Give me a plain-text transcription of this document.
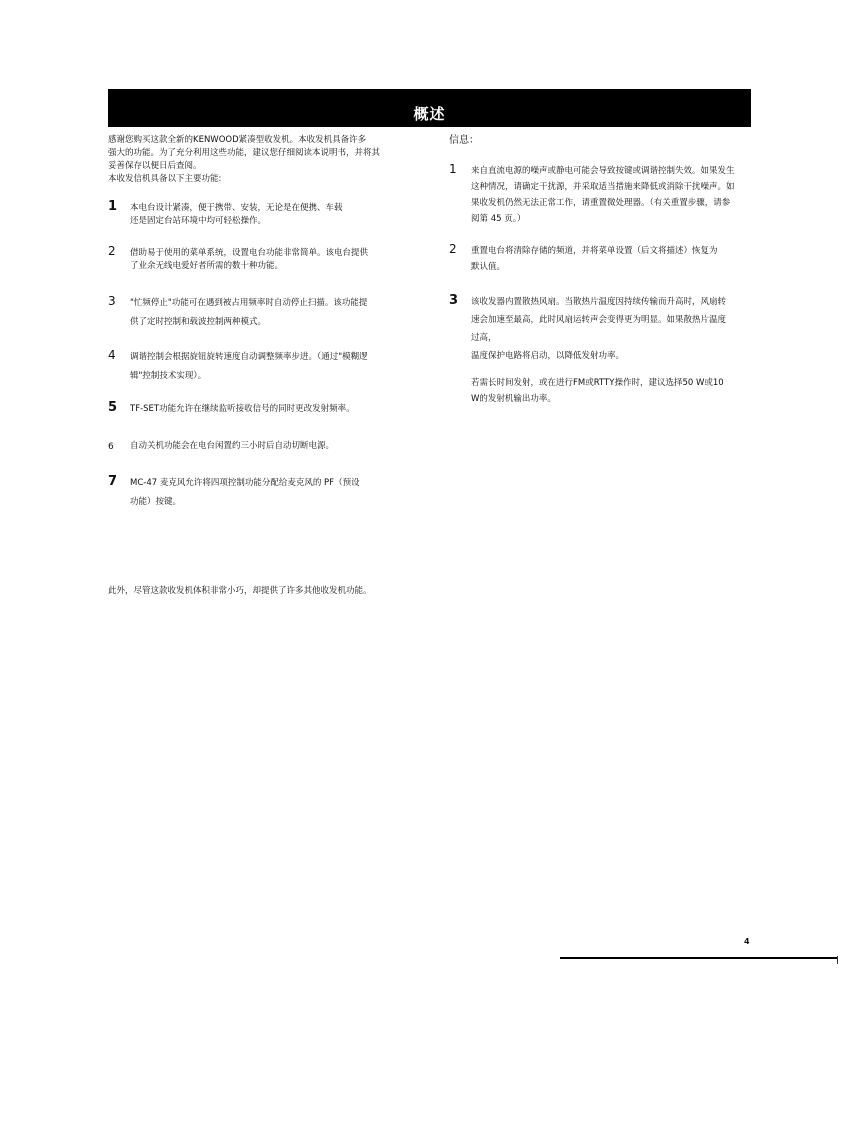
概述
感谢您购买这款全新的KENWOOD紧凑型收发机。本收发机具备许多
强大的功能。为了充分利用这些功能，建议您仔细阅读本说明书，并将其
妥善保存以便日后查阅。
本收发信机具备以下主要功能:
1 本电台设计紧凑，便于携带、安装，无论是在便携、车载
还是固定台站环境中均可轻松操作。
2 借助易于使用的菜单系统，设置电台功能非常简单。该电台提供
了业余无线电爱好者所需的数十种功能。
3 "忙频停止"功能可在遇到被占用频率时自动停止扫描。该功能提
供了定时控制和载波控制两种模式。
4 调谐控制会根据旋钮旋转速度自动调整频率步进。（通过"模糊逻
辑"控制技术实现）。
5 TF-SET功能允许在继续监听接收信号的同时更改发射频率。
6 自动关机功能会在电台闲置约三小时后自动切断电源。
7 MC-47 麦克风允许将四项控制功能分配给麦克风的 PF（预设
功能）按键。
此外，尽管这款收发机体积非常小巧，却提供了许多其他收发机功能。
信息：
1 来自直流电源的噪声或静电可能会导致按键或调谐控制失效。如果发生
这种情况，请确定干扰源，并采取适当措施来降低或消除干扰噪声。如
果收发机仍然无法正常工作，请重置微处理器。（有关重置步骤，请参
阅第 45 页。）
2 重置电台将清除存储的频道，并将菜单设置（后文将描述）恢复为
默认值。
3 该收发器内置散热风扇。当散热片温度因持续传输而升高时，风扇转
速会加速至最高，此时风扇运转声会变得更为明显。如果散热片温度
过高，
温度保护电路将启动，以降低发射功率。
若需长时间发射，或在进行FM或RTTY操作时，建议选择50 W或10
W的发射机输出功率。
4
